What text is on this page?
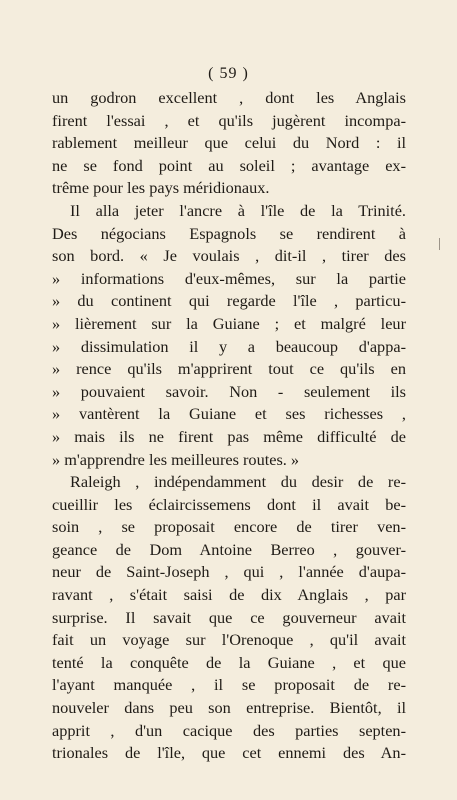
( 59 )
un godron excellent , dont les Anglais
firent l'essai , et qu'ils jugèrent incompa-
rablement meilleur que celui du Nord : il
ne se fond point au soleil ; avantage ex-
trême pour les pays méridionaux.
Il alla jeter l'ancre à l'île de la Trinité.
Des négocians Espagnols se rendirent à
son bord. « Je voulais , dit-il , tirer des
» informations d'eux-mêmes, sur la partie
» du continent qui regarde l'île , particu-
» lièrement sur la Guiane ; et malgré leur
» dissimulation il y a beaucoup d'appa-
» rence qu'ils m'apprirent tout ce qu'ils en
» pouvaient savoir. Non - seulement ils
» vantèrent la Guiane et ses richesses ,
» mais ils ne firent pas même difficulté de
» m'apprendre les meilleures routes. »
Raleigh , indépendamment du desir de re-
cueillir les éclaircissemens dont il avait be-
soin , se proposait encore de tirer ven-
geance de Dom Antoine Berreo , gouver-
neur de Saint-Joseph , qui , l'année d'aupa-
ravant , s'était saisi de dix Anglais , par
surprise. Il savait que ce gouverneur avait
fait un voyage sur l'Orenoque , qu'il avait
tenté la conquête de la Guiane , et que
l'ayant manquée , il se proposait de re-
nouveler dans peu son entreprise. Bientôt, il
apprit , d'un cacique des parties septen-
trionales de l'île, que cet ennemi des An-
